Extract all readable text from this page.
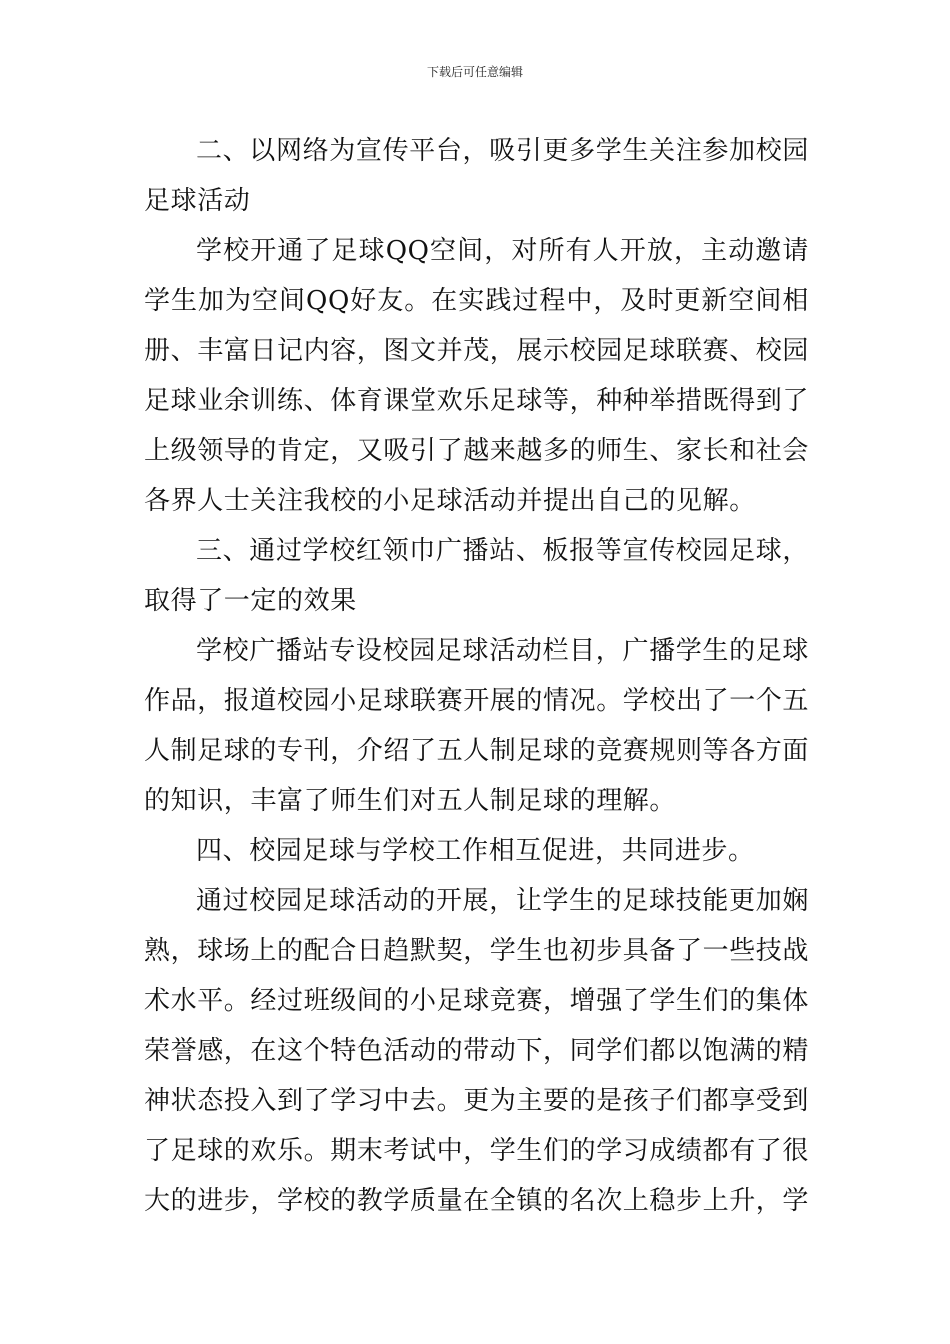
下载后可任意编辑

二、以网络为宣传平台，吸引更多学生关注参加校园足球活动

学校开通了足球QQ空间，对所有人开放，主动邀请学生加为空间QQ好友。在实践过程中，及时更新空间相册、丰富日记内容，图文并茂，展示校园足球联赛、校园足球业余训练、体育课堂欢乐足球等，种种举措既得到了上级领导的肯定，又吸引了越来越多的师生、家长和社会各界人士关注我校的小足球活动并提出自己的见解。

三、通过学校红领巾广播站、板报等宣传校园足球，取得了一定的效果

学校广播站专设校园足球活动栏目，广播学生的足球作品，报道校园小足球联赛开展的情况。学校出了一个五人制足球的专刊，介绍了五人制足球的竞赛规则等各方面的知识，丰富了师生们对五人制足球的理解。

四、校园足球与学校工作相互促进，共同进步。

通过校园足球活动的开展，让学生的足球技能更加娴熟，球场上的配合日趋默契，学生也初步具备了一些技战术水平。经过班级间的小足球竞赛，增强了学生们的集体荣誉感，在这个特色活动的带动下，同学们都以饱满的精神状态投入到了学习中去。更为主要的是孩子们都享受到了足球的欢乐。期末考试中，学生们的学习成绩都有了很大的进步，学校的教学质量在全镇的名次上稳步上升，学
